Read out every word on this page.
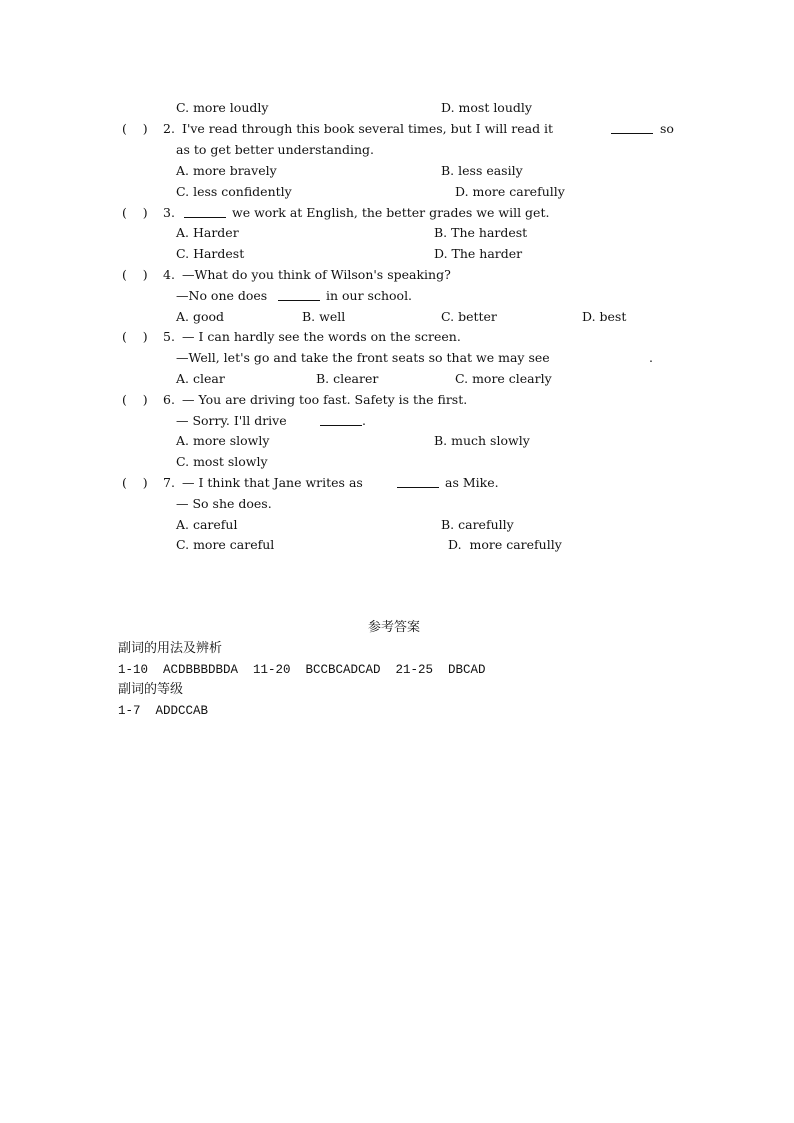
C. more loudly	D. most loudly
(    ) 2. I've read through this book several times, but I will read it	so
as to get better understanding.
A. more bravely	B. less easily
C. less confidently	D. more carefully
(    ) 3.	we work at English, the better grades we will get.
A. Harder	B. The hardest
C. Hardest	D. The harder
(    ) 4. —What do you think of Wilson's speaking?
—No one does	in our school.
A. good	B. well	C. better	D. best
(    ) 5. — I can hardly see the words on the screen.
—Well, let's go and take the front seats so that we may see	.
A. clear	B. clearer	C. more clearly
(    ) 6. — You are driving too fast. Safety is the first.
— Sorry. I'll drive	.
A. more slowly	B. much slowly
C. most slowly
(    ) 7. — I think that Jane writes as	as Mike.
— So she does.
A. careful	B. carefully
C. more careful	D.  more carefully
参考答案
副词的用法及辨析
1-10  ACDBBBDBDA  11-20  BCCBCADCAD  21-25  DBCAD
副词的等级
1-7  ADDCCAB
